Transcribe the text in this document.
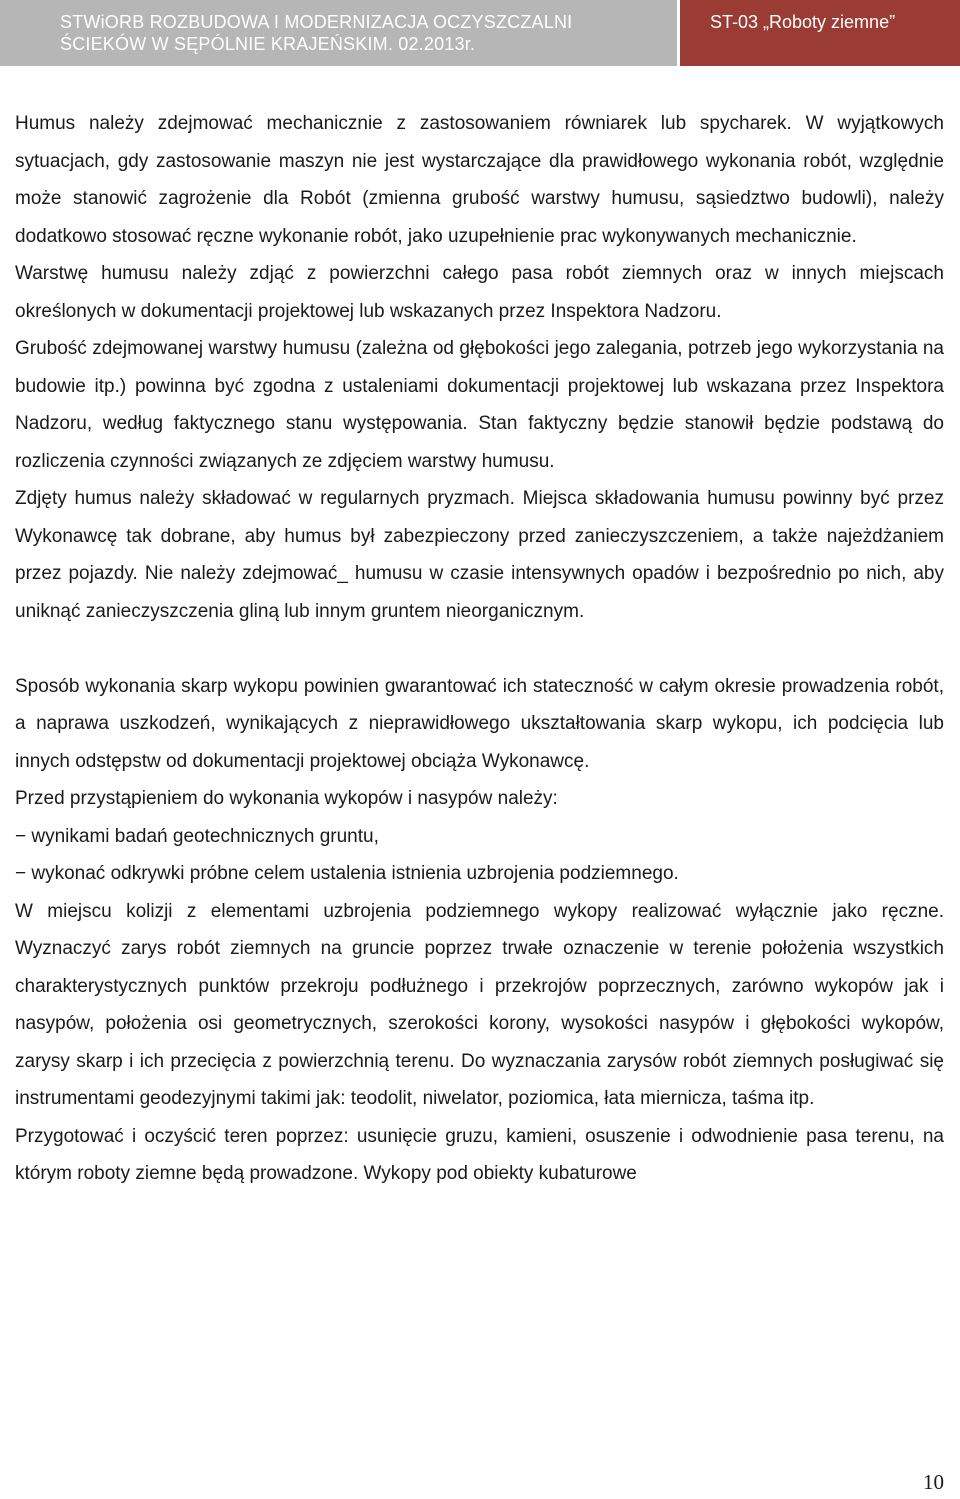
STWiORB ROZBUDOWA I MODERNIZACJA OCZYSZCZALNI
ŚCIEKÓW W SĘPÓLNIE KRAJEŃSKIM. 02.2013r.
ST-03 „Roboty ziemne”

Humus należy zdejmować mechanicznie z zastosowaniem równiarek lub spycharek. W wyjątkowych sytuacjach, gdy zastosowanie maszyn nie jest wystarczające dla prawidłowego wykonania robót, względnie może stanowić zagrożenie dla Robót (zmienna grubość warstwy humusu, sąsiedztwo budowli), należy dodatkowo stosować ręczne wykonanie robót, jako uzupełnienie prac wykonywanych mechanicznie.

Warstwę humusu należy zdjąć z powierzchni całego pasa robót ziemnych oraz w innych miejscach określonych w dokumentacji projektowej lub wskazanych przez Inspektora Nadzoru.

Grubość zdejmowanej warstwy humusu (zależna od głębokości jego zalegania, potrzeb jego wykorzystania na budowie itp.) powinna być zgodna z ustaleniami dokumentacji projektowej lub wskazana przez Inspektora Nadzoru, według faktycznego stanu występowania. Stan faktyczny będzie stanowił będzie podstawą do rozliczenia czynności związanych ze zdjęciem warstwy humusu.

Zdjęty humus należy składować w regularnych pryzmach. Miejsca składowania humusu powinny być przez Wykonawcę tak dobrane, aby humus był zabezpieczony przed zanieczyszczeniem, a także najeżdżaniem przez pojazdy. Nie należy zdejmować_ humusu w czasie intensywnych opadów i bezpośrednio po nich, aby uniknąć zanieczyszczenia gliną lub innym gruntem nieorganicznym.

Sposób wykonania skarp wykopu powinien gwarantować ich stateczność w całym okresie prowadzenia robót, a naprawa uszkodzeń, wynikających z nieprawidłowego ukształtowania skarp wykopu, ich podcięcia lub innych odstępstw od dokumentacji projektowej obciąża Wykonawcę.

Przed przystąpieniem do wykonania wykopów i nasypów należy:

− wynikami badań geotechnicznych gruntu,

− wykonać odkrywki próbne celem ustalenia istnienia uzbrojenia podziemnego.

W miejscu kolizji z elementami uzbrojenia podziemnego wykopy realizować wyłącznie jako ręczne. Wyznaczyć zarys robót ziemnych na gruncie poprzez trwałe oznaczenie w terenie położenia wszystkich charakterystycznych punktów przekroju podłużnego i przekrojów poprzecznych, zarówno wykopów jak i nasypów, położenia osi geometrycznych, szerokości korony, wysokości nasypów i głębokości wykopów, zarysy skarp i ich przecięcia z powierzchnią terenu. Do wyznaczania zarysów robót ziemnych posługiwać się instrumentami geodezyjnymi takimi jak: teodolit, niwelator, poziomica, łata miernicza, taśma itp.

Przygotować i oczyścić teren poprzez: usunięcie gruzu, kamieni, osuszenie i odwodnienie pasa terenu, na którym roboty ziemne będą prowadzone. Wykopy pod obiekty kubaturowe

10
